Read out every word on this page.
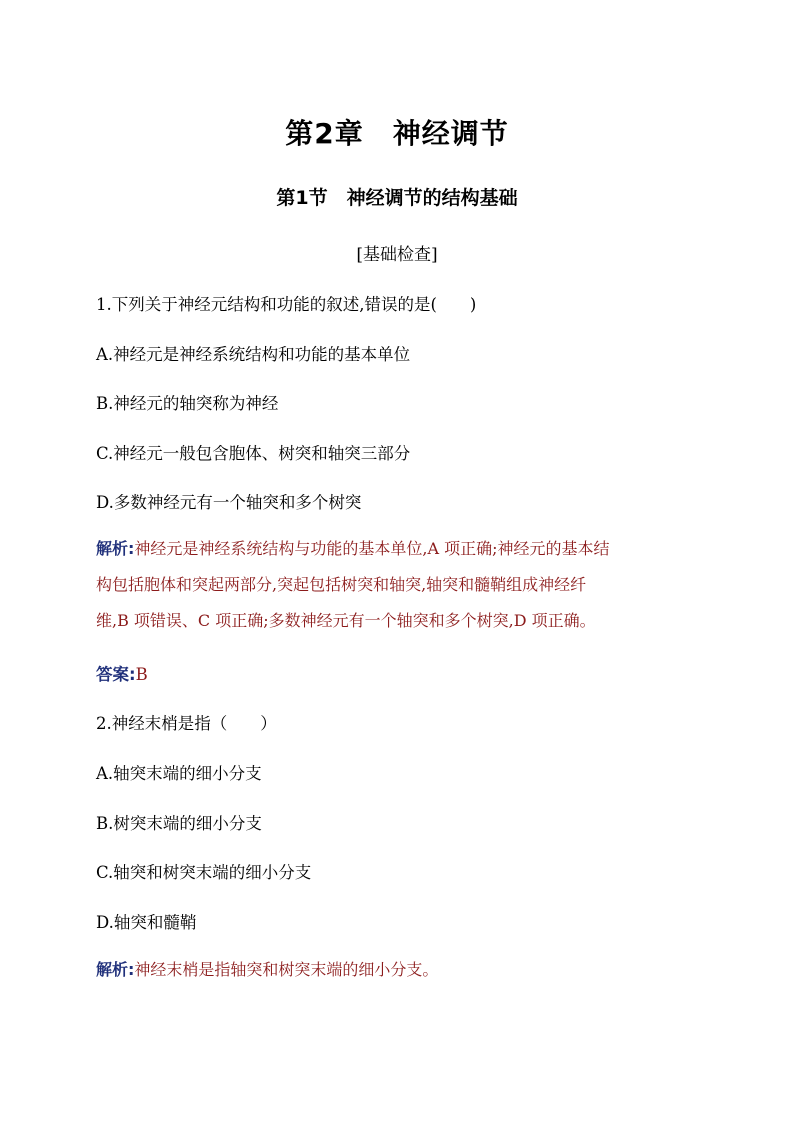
第2章　神经调节
第1节　神经调节的结构基础
[基础检查]
1.下列关于神经元结构和功能的叙述,错误的是(　　)
A.神经元是神经系统结构和功能的基本单位
B.神经元的轴突称为神经
C.神经元一般包含胞体、树突和轴突三部分
D.多数神经元有一个轴突和多个树突
解析:神经元是神经系统结构与功能的基本单位,A 项正确;神经元的基本结
构包括胞体和突起两部分,突起包括树突和轴突,轴突和髓鞘组成神经纤
维,B 项错误、C 项正确;多数神经元有一个轴突和多个树突,D 项正确。
答案:B
2.神经末梢是指（　　）
A.轴突末端的细小分支
B.树突末端的细小分支
C.轴突和树突末端的细小分支
D.轴突和髓鞘
解析:神经末梢是指轴突和树突末端的细小分支。
